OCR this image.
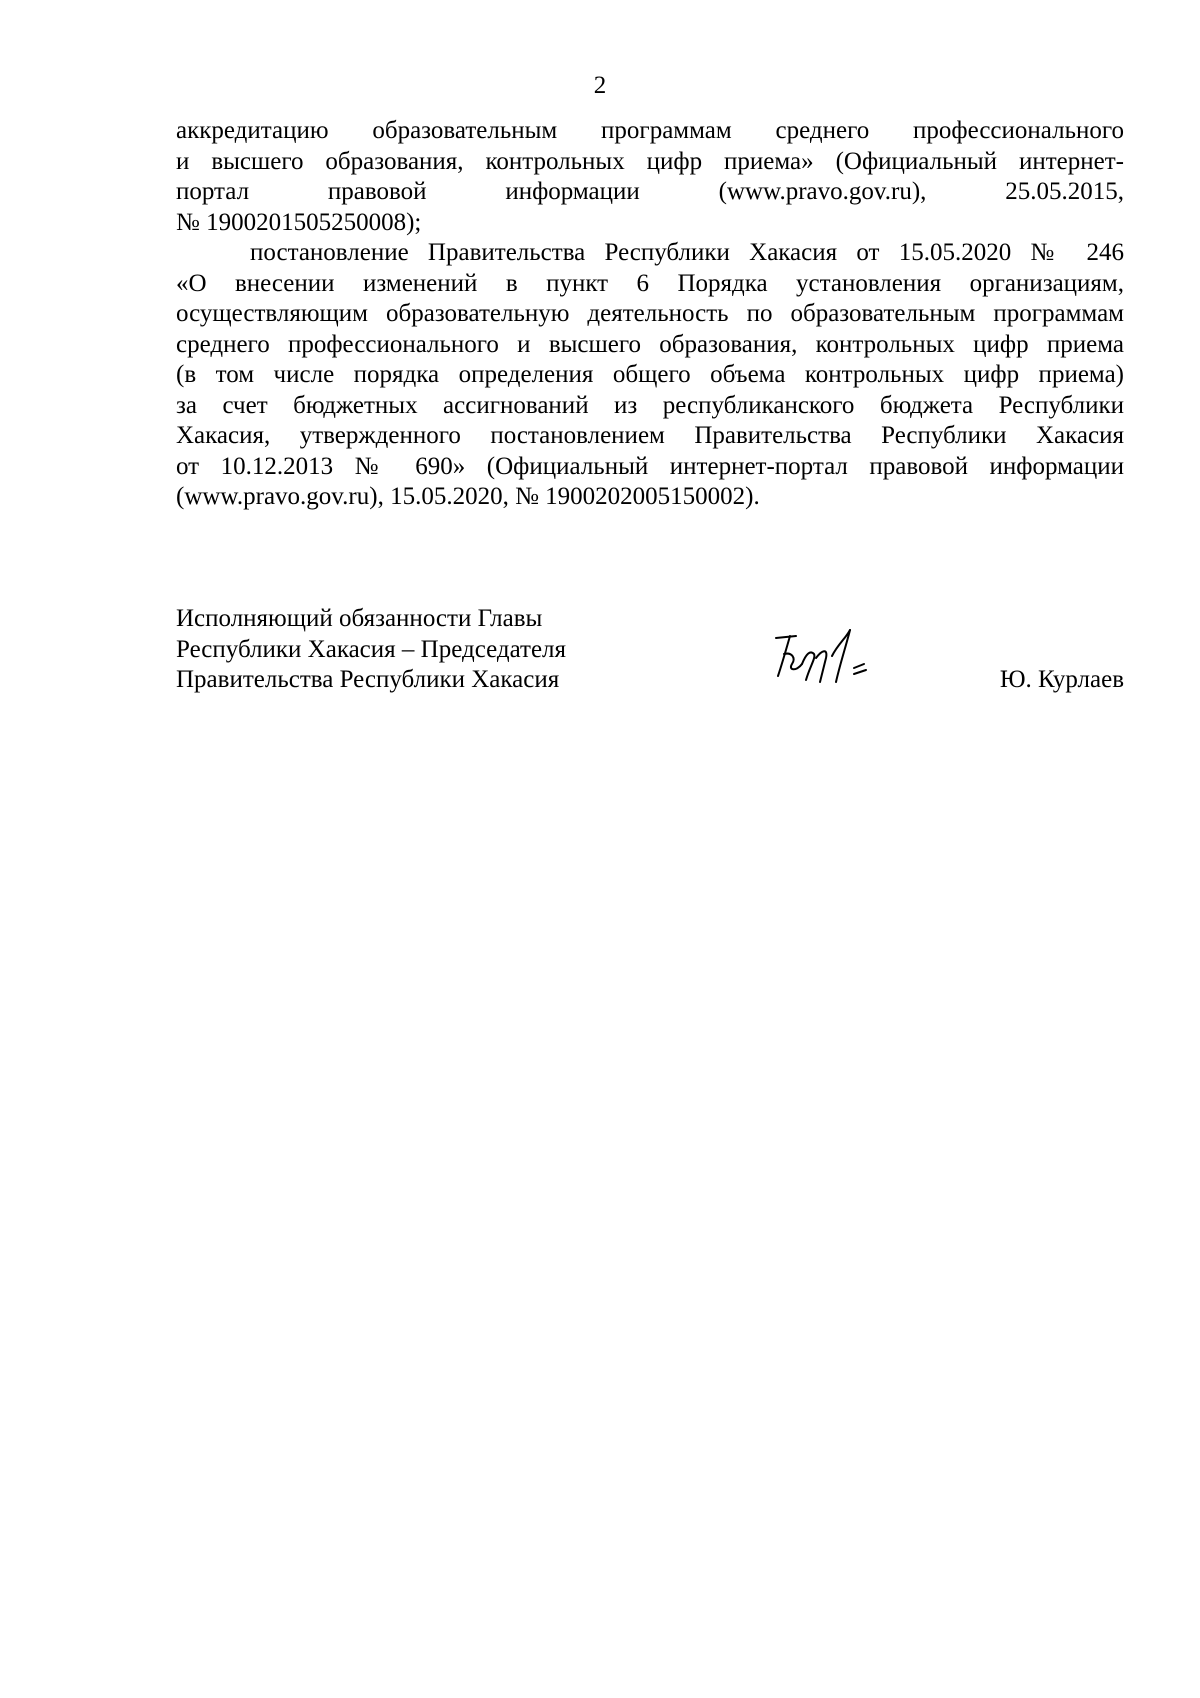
2

аккредитацию образовательным программам среднего профессионального
и высшего образования, контрольных цифр приема» (Официальный интернет-
портал правовой информации (www.pravo.gov.ru), 25.05.2015,
№ 1900201505250008);

постановление Правительства Республики Хакасия от 15.05.2020 № 246
«О внесении изменений в пункт 6 Порядка установления организациям,
осуществляющим образовательную деятельность по образовательным программам
среднего профессионального и высшего образования, контрольных цифр приема
(в том числе порядка определения общего объема контрольных цифр приема)
за счет бюджетных ассигнований из республиканского бюджета Республики
Хакасия, утвержденного постановлением Правительства Республики Хакасия
от 10.12.2013 № 690» (Официальный интернет-портал правовой информации
(www.pravo.gov.ru), 15.05.2020, № 1900202005150002).

Исполняющий обязанности Главы
Республики Хакасия – Председателя
Правительства Республики Хакасия	Ю. Курлаев
